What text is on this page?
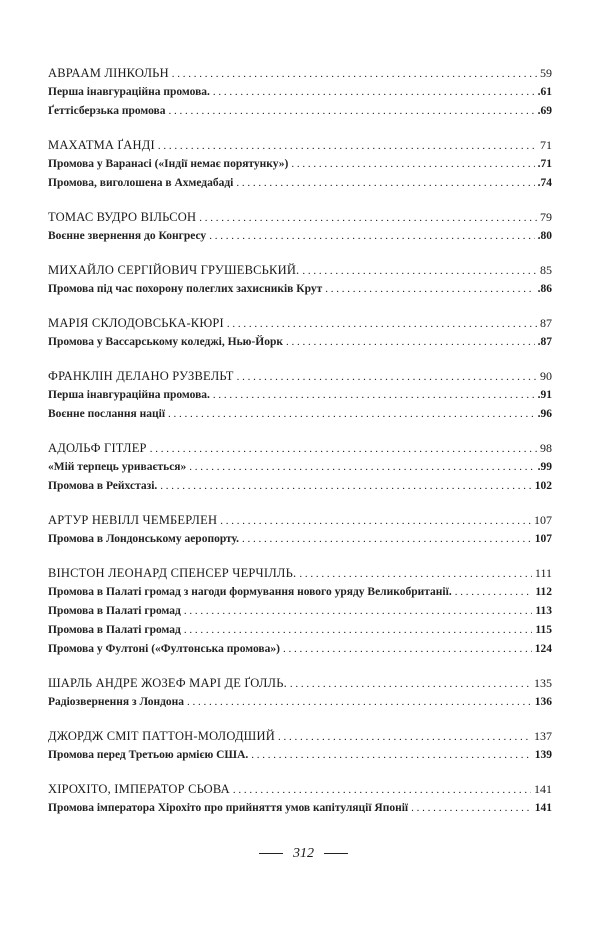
АВРААМ ЛІНКОЛЬН . . .	59
Перша інавгураційна промова. . . .	.61
Ґеттісберзька промова . . .	.69
МАХАТМА ҐАНДІ . . .	71
Промова у Варанасі («Індії немає порятунку») . . .	.71
Промова, виголошена в Ахмедабаді . . .	.74
ТОМАС ВУДРО ВІЛЬСОН . . .	79
Воєнне звернення до Конгресу . . .	.80
МИХАЙЛО СЕРГІЙОВИЧ ГРУШЕВСЬКИЙ. . . .	85
Промова під час похорону полеглих захисників Крут . . .	.86
МАРІЯ СКЛОДОВСЬКА-КЮРІ . . .	87
Промова у Вассарському коледжі, Нью-Йорк . . .	.87
ФРАНКЛІН ДЕЛАНО РУЗВЕЛЬТ . . .	90
Перша інавгураційна промова. . . .	.91
Воєнне послання нації . . .	.96
АДОЛЬФ ГІТЛЕР . . .	98
«Мій терпець уривається» . . .	.99
Промова в Рейхстазі. . . .	102
АРТУР НЕВІЛЛ ЧЕМБЕРЛЕН . . .	107
Промова в Лондонському аеропорту. . . .	107
ВІНСТОН ЛЕОНАРД СПЕНСЕР ЧЕРЧІЛЛЬ. . . .	111
Промова в Палаті громад з нагоди формування нового уряду Великобританії. . . .	112
Промова в Палаті громад . . .	113
Промова в Палаті громад . . .	115
Промова у Фултоні («Фултонська промова») . . .	124
ШАРЛЬ АНДРЕ ЖОЗЕФ МАРІ ДЕ ҐОЛЛЬ. . . .	135
Радіозвернення з Лондона . . .	136
ДЖОРДЖ СМІТ ПАТТОН-МОЛОДШИЙ . . .	137
Промова перед Третьою армією США. . . .	139
ХІРОХІТО, ІМПЕРАТОР СЬОВА . . .	141
Промова імператора Хірохіто про прийняття умов капітуляції Японії . . .	141
312
